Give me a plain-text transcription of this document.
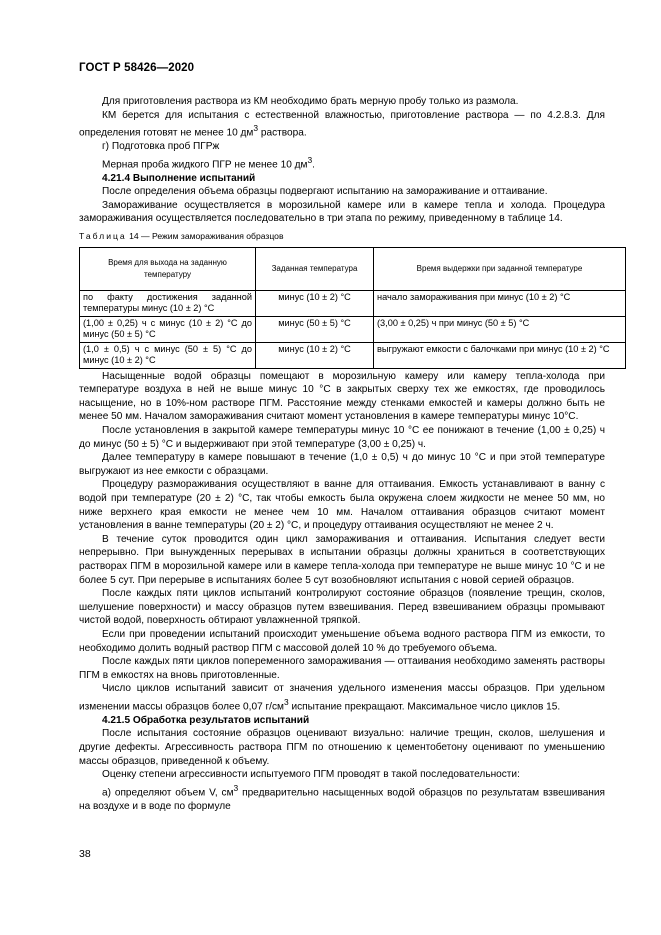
ГОСТ Р 58426—2020

Для приготовления раствора из КМ необходимо брать мерную пробу только из размола.

КМ берется для испытания с естественной влажностью, приготовление раствора — по 4.2.8.3. Для определения готовят не менее 10 $дм^3$ раствора.

г) Подготовка проб ПГРж

Мерная проба жидкого ПГР не менее 10 $дм^3$.

4.21.4 Выполнение испытаний

После определения объема образцы подвергают испытанию на замораживание и оттаивание.

Замораживание осуществляется в морозильной камере или в камере тепла и холода. Процедура замораживания осуществляется последовательно в три этапа по режиму, приведенному в таблице 14.

Таблица 14 — Режим замораживания образцов

Время для выхода на заданную температуру	Заданная температура	Время выдержки при заданной температуре
по факту достижения заданной температуры минус (10 ± 2) °С	минус (10 ± 2) °С	начало замораживания при минус (10 ± 2) °С
(1,00 ± 0,25) ч с минус (10 ± 2) °С до минус (50 ± 5) °С	минус (50 ± 5) °С	(3,00 ± 0,25) ч при минус (50 ± 5) °С
(1,0 ± 0,5) ч с минус (50 ± 5) °С до минус (10 ± 2) °С	минус (10 ± 2) °С	выгружают емкости с балочками при минус (10 ± 2) °С

Насыщенные водой образцы помещают в морозильную камеру или камеру тепла-холода при температуре воздуха в ней не выше минус 10 °С в закрытых сверху тех же емкостях, где проводилось насыщение, но в 10%-ном растворе ПГМ. Расстояние между стенками емкостей и камеры должно быть не менее 50 мм. Началом замораживания считают момент установления в камере температуры минус 10°С.

После установления в закрытой камере температуры минус 10 °С ее понижают в течение (1,00 ± 0,25) ч до минус (50 ± 5) °С и выдерживают при этой температуре (3,00 ± 0,25) ч.

Далее температуру в камере повышают в течение (1,0 ± 0,5) ч до минус 10 °С и при этой температуре выгружают из нее емкости с образцами.

Процедуру размораживания осуществляют в ванне для оттаивания. Емкость устанавливают в ванну с водой при температуре (20 ± 2) °С, так чтобы емкость была окружена слоем жидкости не менее 50 мм, но ниже верхнего края емкости не менее чем 10 мм. Началом оттаивания образцов считают момент установления в ванне температуры (20 ± 2) °С, и процедуру оттаивания осуществляют не менее 2 ч.

В течение суток проводится один цикл замораживания и оттаивания. Испытания следует вести непрерывно. При вынужденных перерывах в испытании образцы должны храниться в соответствующих растворах ПГМ в морозильной камере или в камере тепла-холода при температуре не выше минус 10 °С и не более 5 сут. При перерыве в испытаниях более 5 сут возобновляют испытания с новой серией образцов.

После каждых пяти циклов испытаний контролируют состояние образцов (появление трещин, сколов, шелушение поверхности) и массу образцов путем взвешивания. Перед взвешиванием образцы промывают чистой водой, поверхность обтирают увлажненной тряпкой.

Если при проведении испытаний происходит уменьшение объема водного раствора ПГМ из емкости, то необходимо долить водный раствор ПГМ с массовой долей 10 % до требуемого объема.

После каждых пяти циклов попеременного замораживания — оттаивания необходимо заменять растворы ПГМ в емкостях на вновь приготовленные.

Число циклов испытаний зависит от значения удельного изменения массы образцов. При удельном изменении массы образцов более 0,07 $г/см^3$ испытание прекращают. Максимальное число циклов 15.

4.21.5 Обработка результатов испытаний

После испытания состояние образцов оценивают визуально: наличие трещин, сколов, шелушения и другие дефекты. Агрессивность раствора ПГМ по отношению к цементобетону оценивают по уменьшению массы образцов, приведенной к объему.

Оценку степени агрессивности испытуемого ПГМ проводят в такой последовательности:

а) определяют объем V, $см^3$ предварительно насыщенных водой образцов по результатам взвешивания на воздухе и в воде по формуле

38
